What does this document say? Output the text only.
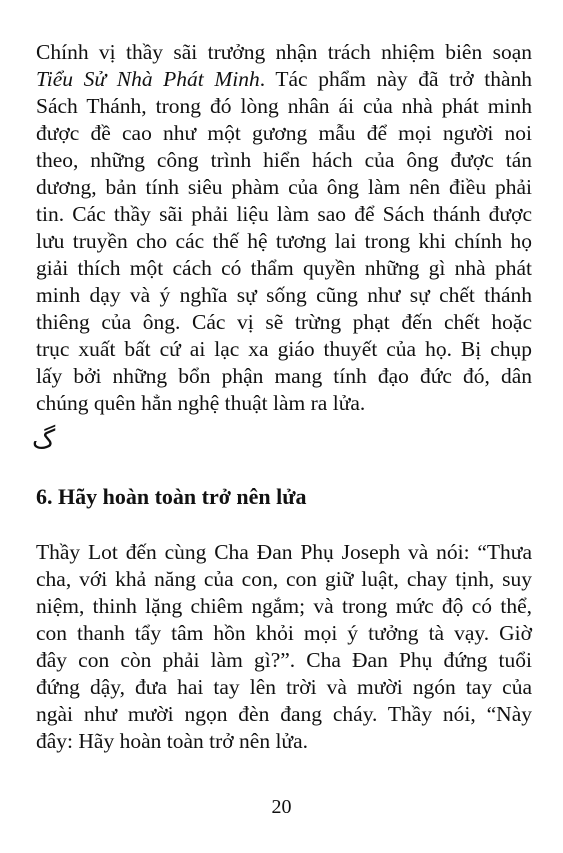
Chính vị thầy sãi trưởng nhận trách nhiệm biên soạn
Tiểu Sử Nhà Phát Minh. Tác phẩm này đã trở thành
Sách Thánh, trong đó lòng nhân ái của nhà phát minh
được đề cao như một gương mẫu để mọi người noi
theo, những công trình hiển hách của ông được tán
dương, bản tính siêu phàm của ông làm nên điều phải
tin. Các thầy sãi phải liệu làm sao để Sách thánh được
lưu truyền cho các thế hệ tương lai trong khi chính họ
giải thích một cách có thẩm quyền những gì nhà phát
minh dạy và ý nghĩa sự sống cũng như sự chết thánh
thiêng của ông. Các vị sẽ trừng phạt đến chết hoặc
trục xuất bất cứ ai lạc xa giáo thuyết của họ. Bị chụp
lấy bởi những bổn phận mang tính đạo đức đó, dân
chúng quên hẳn nghệ thuật làm ra lửa.
گ
6. Hãy hoàn toàn trở nên lửa
Thầy Lot đến cùng Cha Đan Phụ Joseph và nói: “Thưa
cha, với khả năng của con, con giữ luật, chay tịnh, suy
niệm, thinh lặng chiêm ngắm; và trong mức độ có thể,
con thanh tẩy tâm hồn khỏi mọi ý tưởng tà vạy. Giờ
đây con còn phải làm gì?”. Cha Đan Phụ đứng tuổi
đứng dậy, đưa hai tay lên trời và mười ngón tay của
ngài như mười ngọn đèn đang cháy. Thầy nói, “Này
đây: Hãy hoàn toàn trở nên lửa.
20
